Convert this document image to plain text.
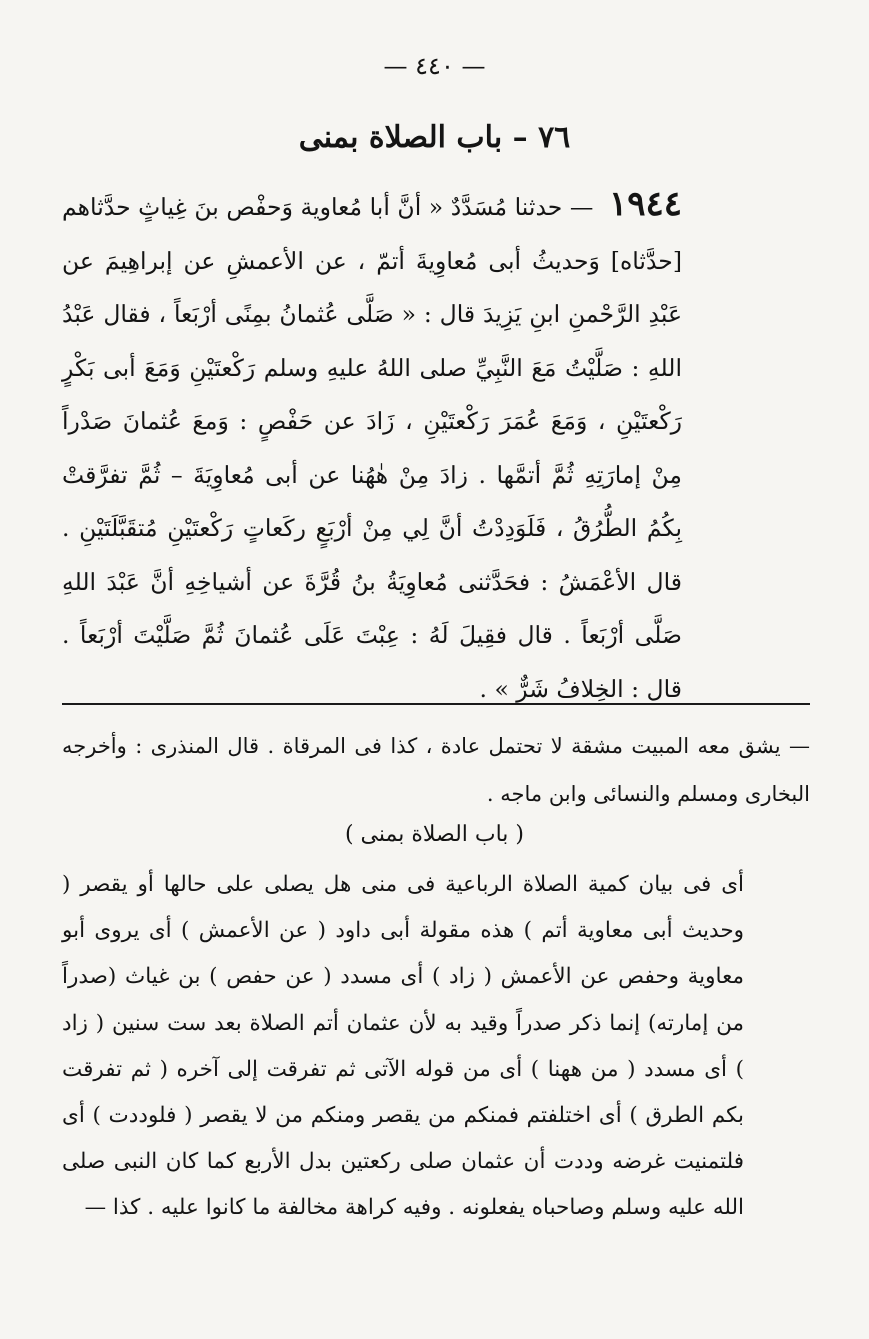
— ٤٤٠ —
٧٦ – باب الصلاة بمنى
١٩٤٤ — حدثنا مُسَدَّدٌ « أنَّ أبا مُعاوية وَحفْص بنَ غِياثٍ حدَّثاهم [حدَّثاه] وَحديثُ أبى مُعاوِيةَ أتمّ ، عن الأعمشِ عن إبراهِيمَ عن عَبْدِ الرَّحْمنِ ابنِ يَزِيدَ قال : « صَلَّى عُثمانُ بمِنًى أرْبَعاً ، فقال عَبْدُ اللهِ : صَلَّيْتُ مَعَ النَّبِيِّ صلى اللهُ عليهِ وسلم رَكْعتَيْنِ وَمَعَ أبى بَكْرٍ رَكْعتَيْنِ ، وَمَعَ عُمَرَ رَكْعتَيْنِ ، زَادَ عن حَفْصٍ : وَمعَ عُثمانَ صَدْراً مِنْ إمارَتِهِ ثُمَّ أتمَّها . زادَ مِنْ هٰهُنا عن أبى مُعاوِيَةَ – ثُمَّ تفرَّقتْ بِكُمُ الطُّرُقُ ، فَلَوَدِدْتُ أنَّ لِي مِنْ أرْبَعٍ ركَعاتٍ رَكْعتَيْنِ مُتقَبَّلَتَيْنِ . قال الأعْمَشُ : فحَدَّثنى مُعاوِيَةُ بنُ قُرَّةَ عن أشياخِهِ أنَّ عَبْدَ اللهِ صَلَّى أرْبَعاً . قال فقِيلَ لَهُ : عِبْتَ عَلَى عُثمانَ ثُمَّ صَلَّيْتَ أرْبَعاً . قال : الخِلافُ شَرٌّ » .
— يشق معه المبيت مشقة لا تحتمل عادة ، كذا فى المرقاة . قال المنذرى : وأخرجه البخارى ومسلم والنسائى وابن ماجه .
( باب الصلاة بمنى )
أى فى بيان كمية الصلاة الرباعية فى منى هل يصلى على حالها أو يقصر ( وحديث أبى معاوية أتم ) هذه مقولة أبى داود ( عن الأعمش ) أى يروى أبو معاوية وحفص عن الأعمش ( زاد ) أى مسدد ( عن حفص ) بن غياث (صدراً من إمارته) إنما ذكر صدراً وقيد به لأن عثمان أتم الصلاة بعد ست سنين ( زاد ) أى مسدد ( من ههنا ) أى من قوله الآتى ثم تفرقت إلى آخره ( ثم تفرقت بكم الطرق ) أى اختلفتم فمنكم من يقصر ومنكم من لا يقصر ( فلوددت ) أى فلتمنيت غرضه وددت أن عثمان صلى ركعتين بدل الأربع كما كان النبى صلى الله عليه وسلم وصاحباه يفعلونه . وفيه كراهة مخالفة ما كانوا عليه . كذا —
